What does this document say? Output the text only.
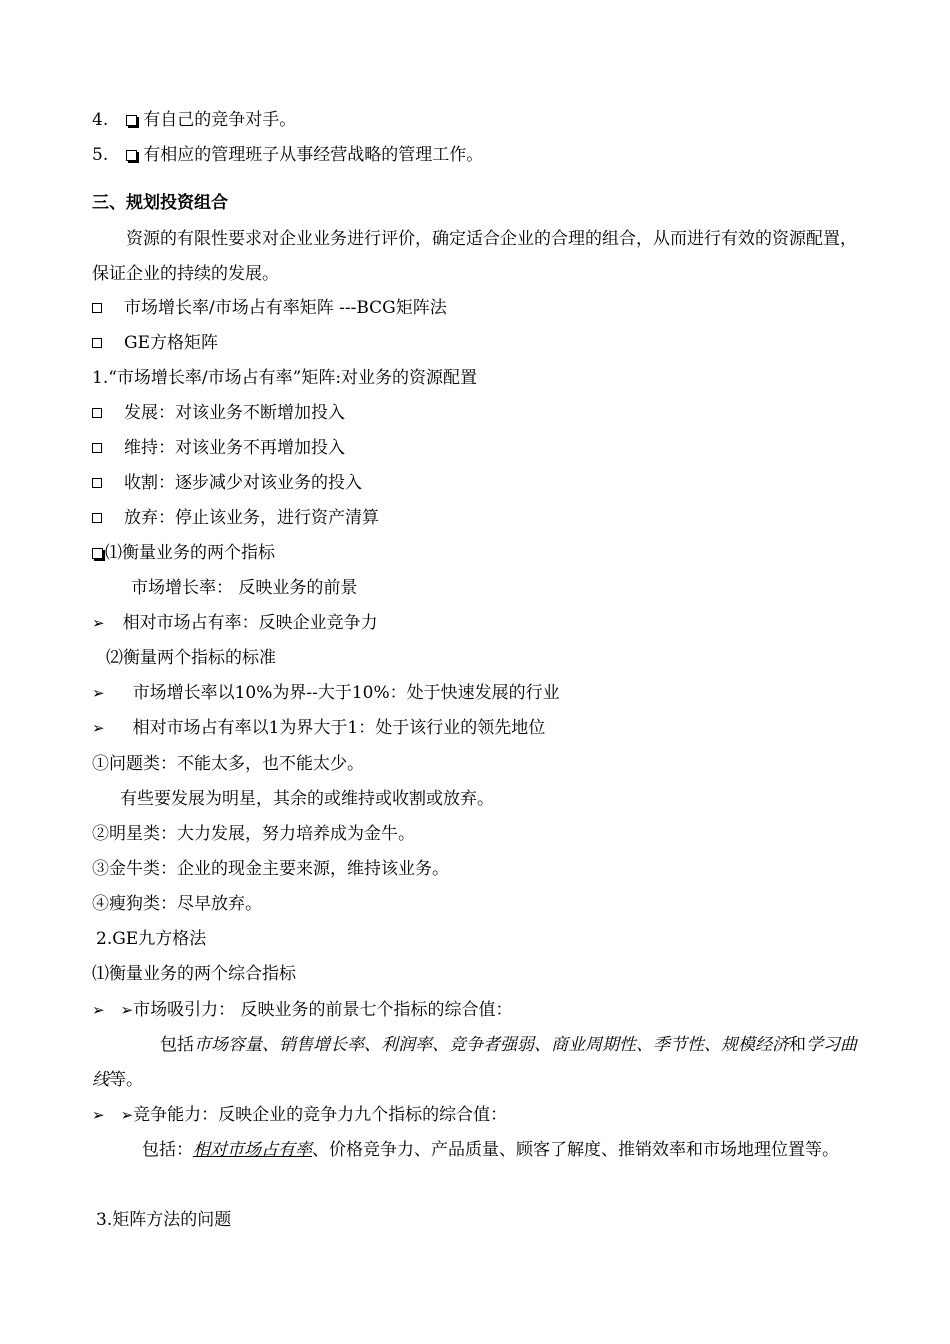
4. 有自己的竞争对手。
5. 有相应的管理班子从事经营战略的管理工作。
三、规划投资组合
资源的有限性要求对企业业务进行评价，确定适合企业的合理的组合，从而进行有效的资源配置，保证企业的持续的发展。
市场增长率/市场占有率矩阵 ---BCG矩阵法
GE方格矩阵
1.“市场增长率/市场占有率”矩阵:对业务的资源配置
发展：对该业务不断增加投入
维持：对该业务不再增加投入
收割：逐步减少对该业务的投入
放弃：停止该业务，进行资产清算
⑴衡量业务的两个指标
市场增长率： 反映业务的前景
➢ 相对市场占有率：反映企业竞争力
⑵衡量两个指标的标准
➢ 市场增长率以10%为界--大于10%：处于快速发展的行业
➢ 相对市场占有率以1为界大于1：处于该行业的领先地位
①问题类：不能太多，也不能太少。
有些要发展为明星，其余的或维持或收割或放弃。
②明星类：大力发展，努力培养成为金牛。
③金牛类：企业的现金主要来源，维持该业务。
④瘦狗类：尽早放弃。
2.GE九方格法
⑴衡量业务的两个综合指标
➢ ➢市场吸引力： 反映业务的前景七个指标的综合值：
包括市场容量、销售增长率、利润率、竞争者强弱、商业周期性、季节性、规模经济和学习曲线等。
➢ ➢竞争能力：反映企业的竞争力九个指标的综合值：
包括：相对市场占有率、价格竞争力、产品质量、顾客了解度、推销效率和市场地理位置等。
3.矩阵方法的问题
